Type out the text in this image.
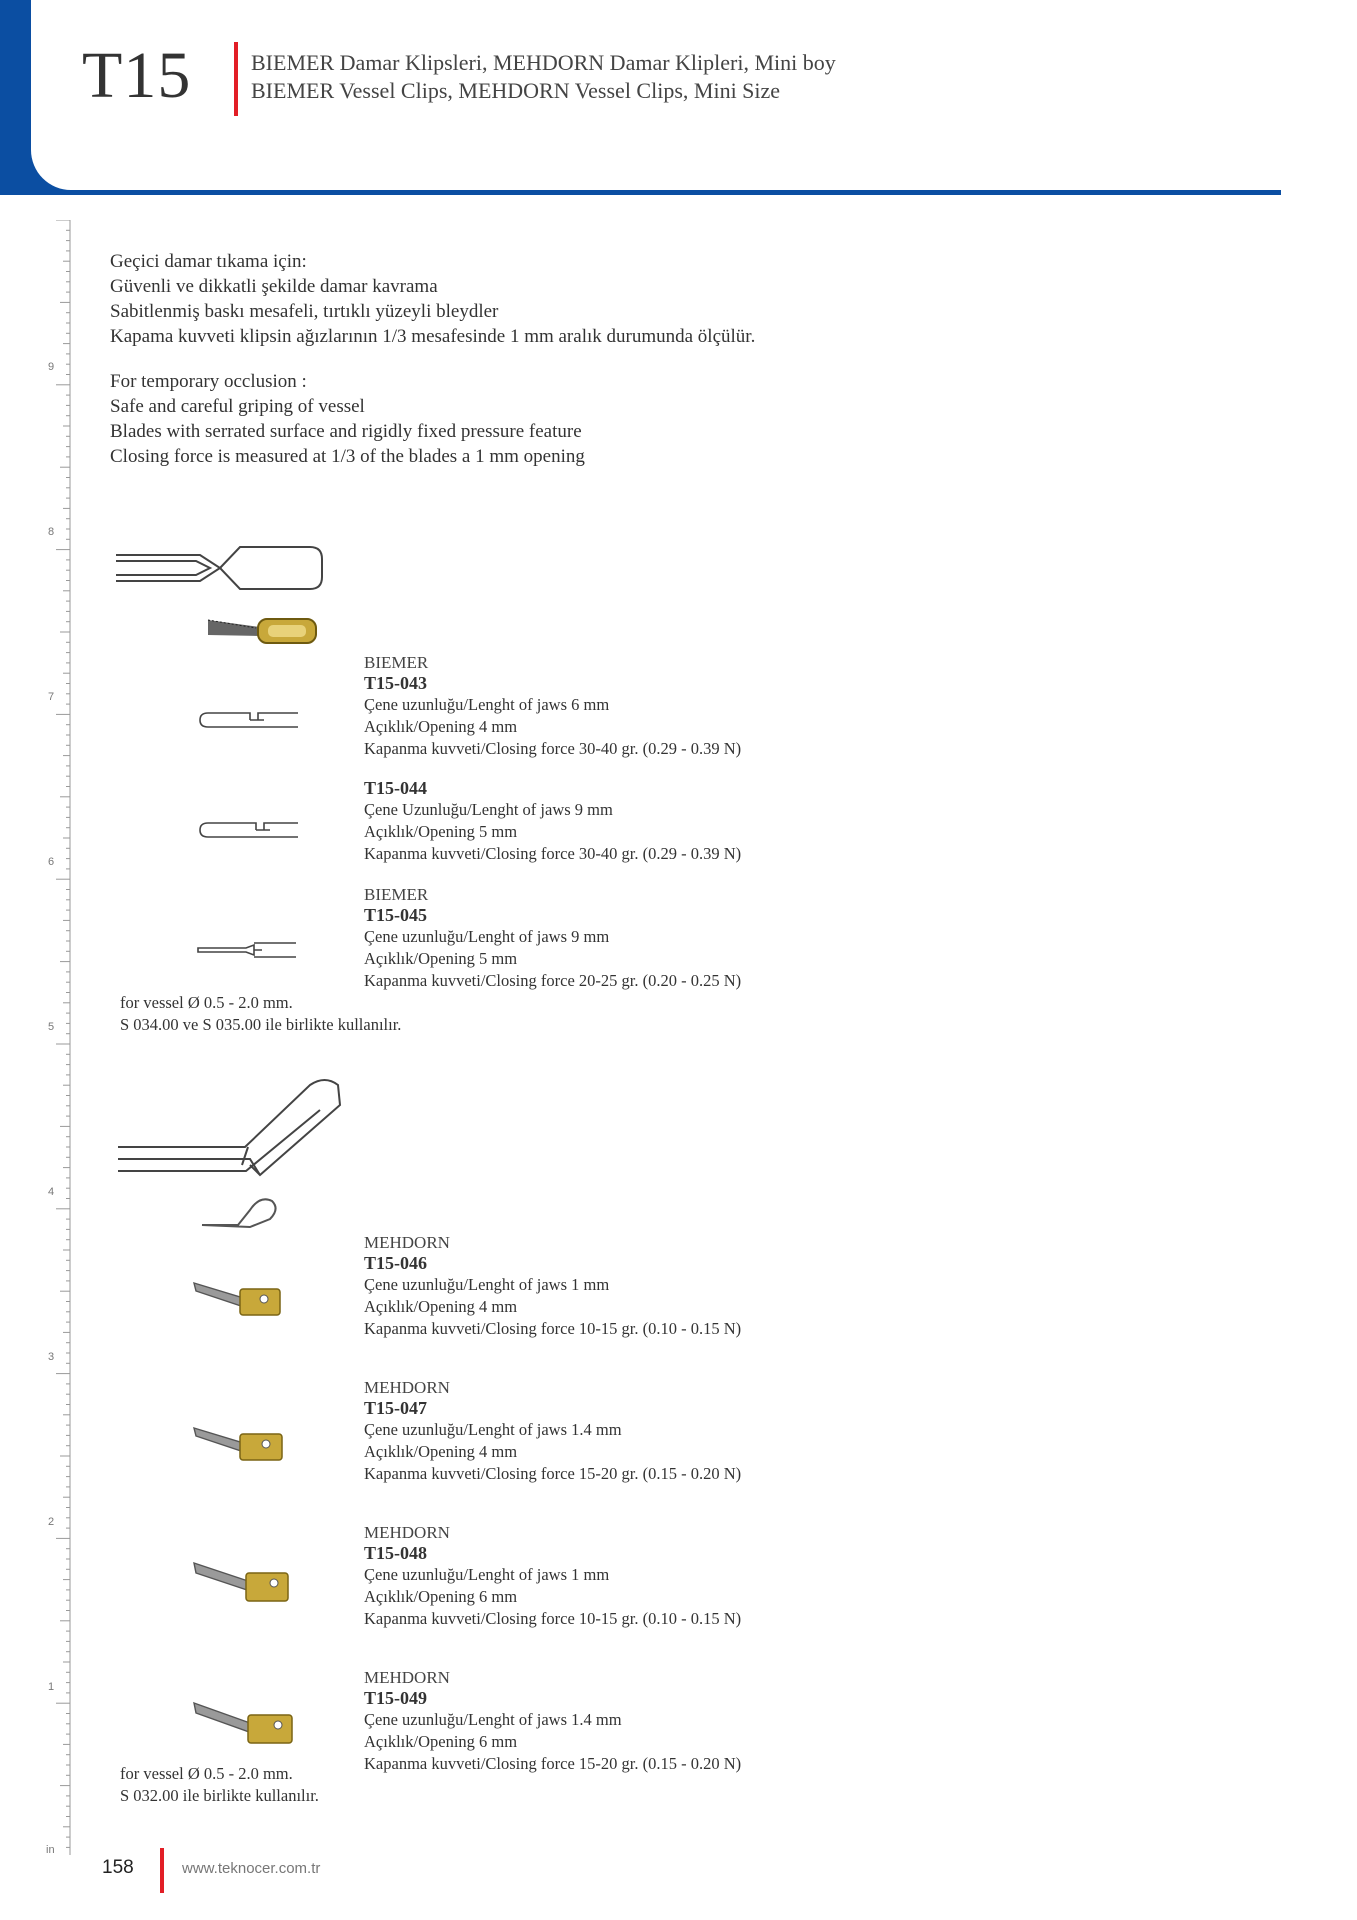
T15	BIEMER Damar Klipsleri, MEHDORN Damar Klipleri, Mini boy
BIEMER Vessel Clips, MEHDORN Vessel Clips, Mini Size
9
8
7
6
5
4
3
2
1
in
Geçici damar tıkama için:
Güvenli ve dikkatli şekilde damar kavrama
Sabitlenmiş baskı mesafeli, tırtıklı yüzeyli bleydler
Kapama kuvveti klipsin ağızlarının 1/3 mesafesinde 1 mm aralık durumunda ölçülür.
For temporary occlusion :
Safe and careful griping of vessel
Blades with serrated surface and rigidly fixed pressure feature
Closing force is measured at 1/3 of the blades a 1 mm opening
BIEMER
T15-043
Çene uzunluğu/Lenght of jaws 6 mm
Açıklık/Opening 4 mm
Kapanma kuvveti/Closing force 30-40 gr. (0.29 - 0.39 N)
T15-044
Çene Uzunluğu/Lenght of jaws 9 mm
Açıklık/Opening 5 mm
Kapanma kuvveti/Closing force 30-40 gr. (0.29 - 0.39 N)
BIEMER
T15-045
Çene uzunluğu/Lenght of jaws 9 mm
Açıklık/Opening 5 mm
Kapanma kuvveti/Closing force 20-25 gr. (0.20 - 0.25 N)
for vessel Ø 0.5 - 2.0 mm.
S 034.00 ve S 035.00 ile birlikte kullanılır.
MEHDORN
T15-046
Çene uzunluğu/Lenght of jaws 1 mm
Açıklık/Opening 4 mm
Kapanma kuvveti/Closing force 10-15 gr. (0.10 - 0.15 N)
MEHDORN
T15-047
Çene uzunluğu/Lenght of jaws 1.4 mm
Açıklık/Opening 4 mm
Kapanma kuvveti/Closing force 15-20 gr. (0.15 - 0.20 N)
MEHDORN
T15-048
Çene uzunluğu/Lenght of jaws 1 mm
Açıklık/Opening 6 mm
Kapanma kuvveti/Closing force 10-15 gr. (0.10 - 0.15 N)
MEHDORN
T15-049
Çene uzunluğu/Lenght of jaws 1.4 mm
Açıklık/Opening 6 mm
Kapanma kuvveti/Closing force 15-20 gr. (0.15 - 0.20 N)
for vessel Ø 0.5 - 2.0 mm.
S 032.00 ile birlikte kullanılır.
158	www.teknocer.com.tr
